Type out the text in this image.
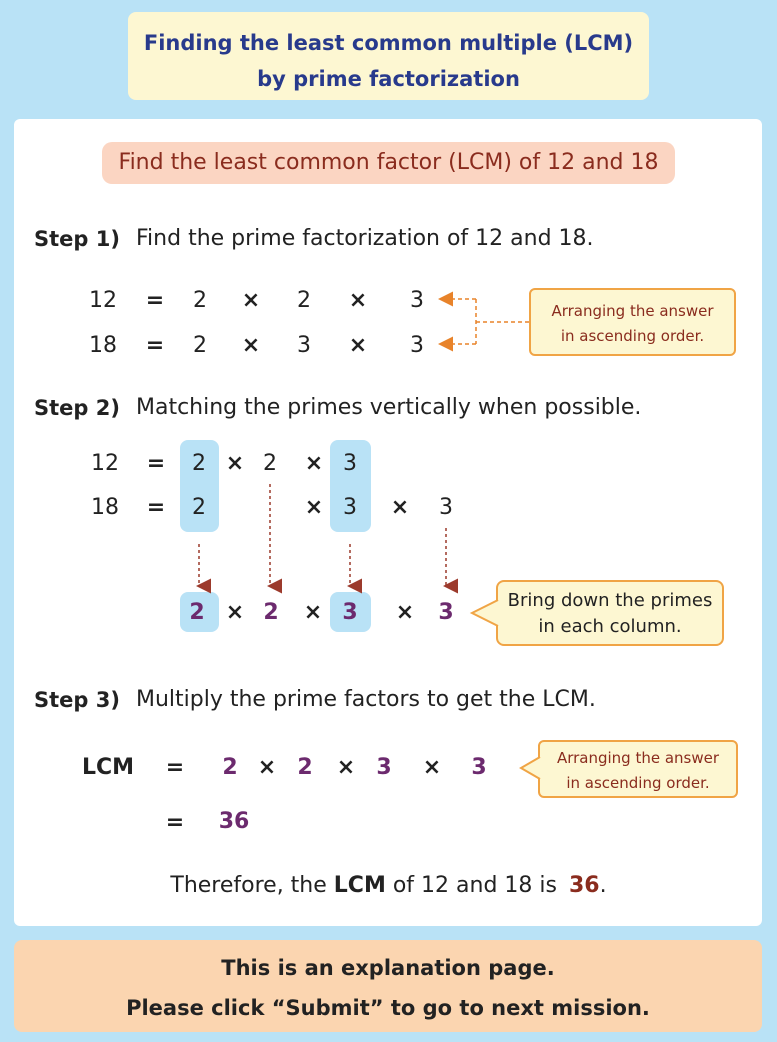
Finding the least common multiple (LCM)
by prime factorization
Find the least common factor (LCM) of 12 and 18
Step 1) Find the prime factorization of 12 and 18.
12 = 2 × 2 × 3
18 = 2 × 3 × 3
Arranging the answer
in ascending order.
Step 2) Matching the primes vertically when possible.
12 = 2 × 2 × 3
18 = 2	× 3 × 3
2 × 2 × 3 × 3	Bring down the primes
in each column.
Step 3) Multiply the prime factors to get the LCM.
LCM = 2 × 2 × 3 × 3
= 36
Arranging the answer
in ascending order.
Therefore, the LCM of 12 and 18 is 36.
This is an explanation page.
Please click “Submit” to go to next mission.
